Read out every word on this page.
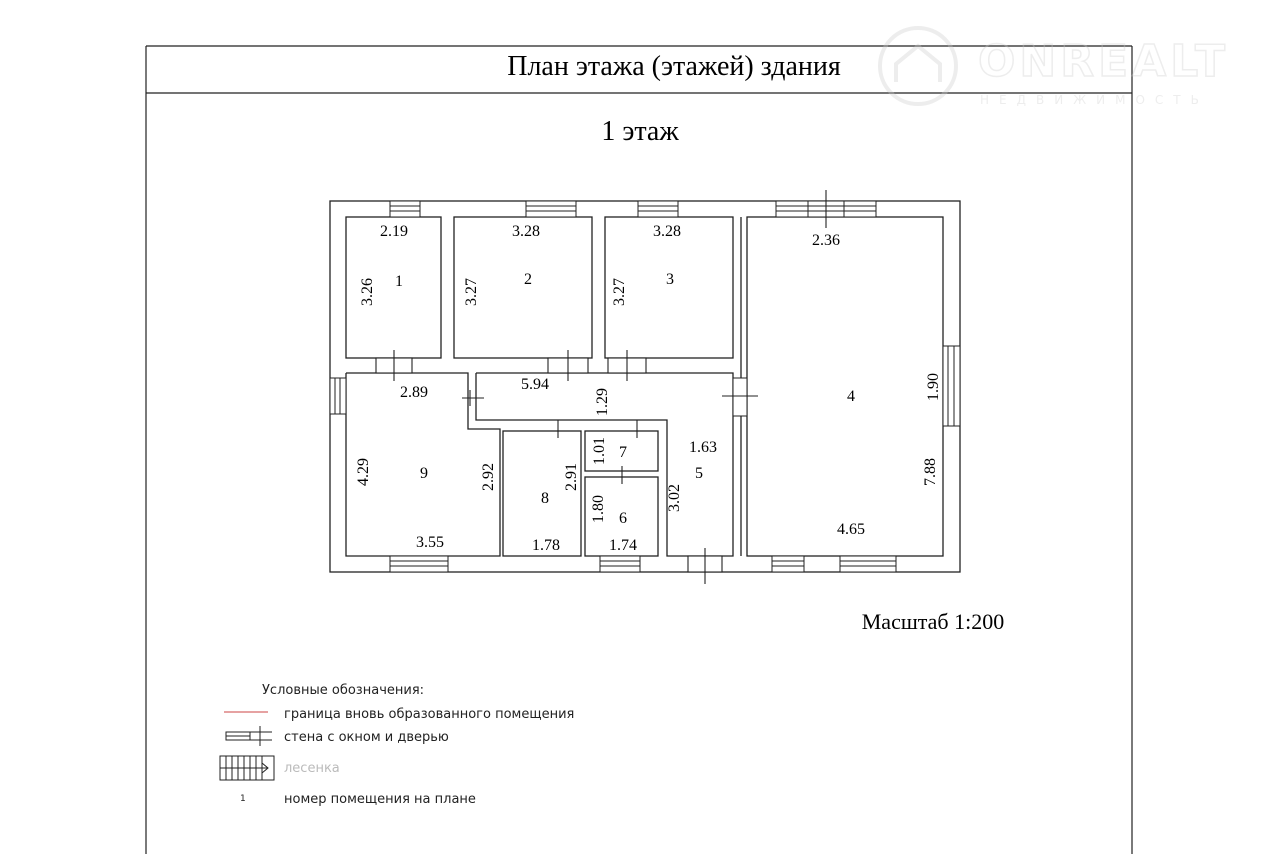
ONREALT
НЕДВИЖИМОСТЬ
План этажа (этажей) здания
1 этаж
1	2	3
4
5
6
7
8
9
2.19	3.28	3.28
2.36
4.65
2.89	5.94
1.63
3.55	1.78	1.74
3.26	3.27	3.27
1.90
7.88
1.29
3.02
4.29	2.92	2.91
1.01
1.80
Масштаб 1:200
Условные обозначения:
граница вновь образованного помещения
стена с окном и дверью
лесенка
1	номер помещения на плане
